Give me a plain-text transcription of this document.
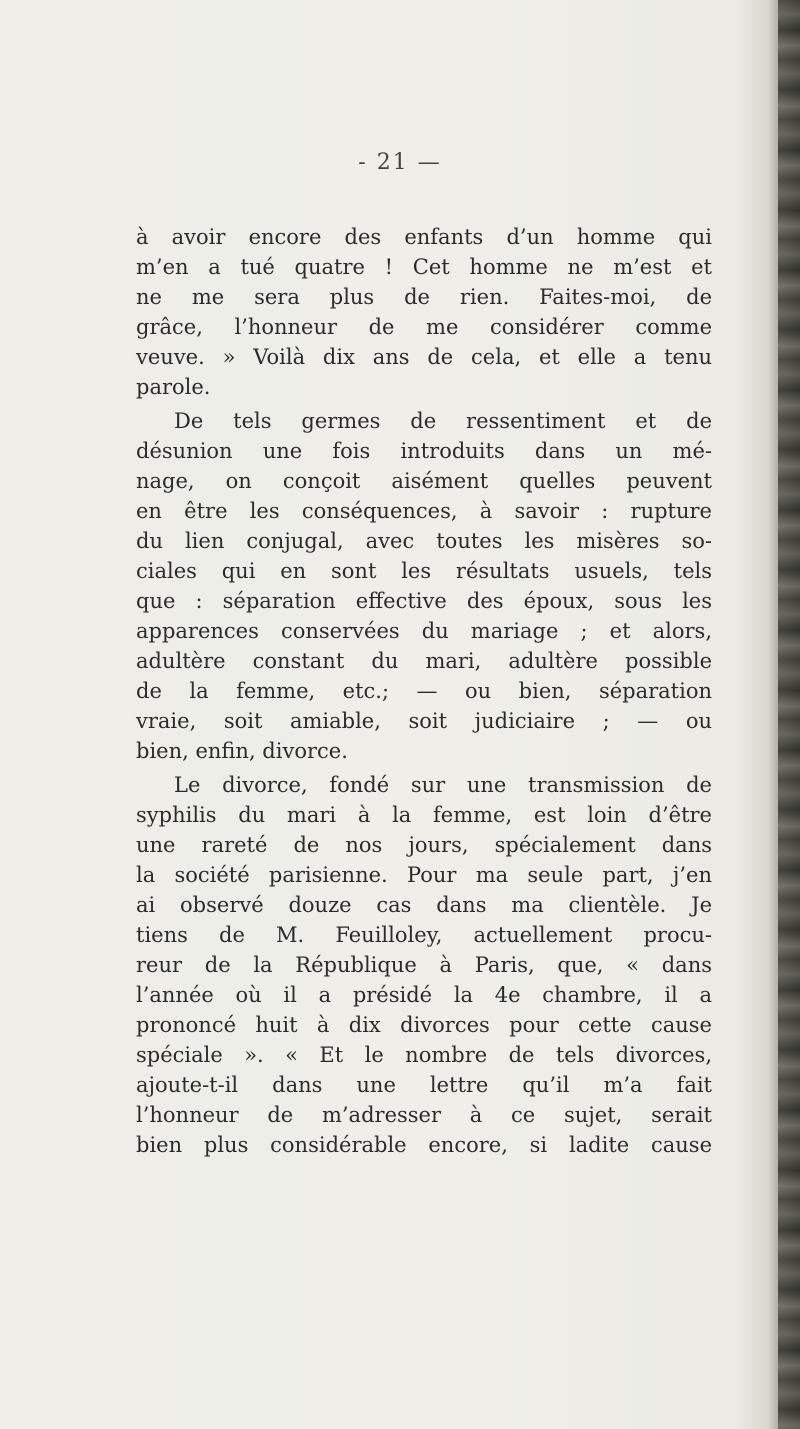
- 21 —
à avoir encore des enfants d’un homme qui
m’en a tué quatre ! Cet homme ne m’est et
ne me sera plus de rien. Faites-moi, de
grâce, l’honneur de me considérer comme
veuve. » Voilà dix ans de cela, et elle a tenu
parole.
De tels germes de ressentiment et de
désunion une fois introduits dans un mé-
nage, on conçoit aisément quelles peuvent
en être les conséquences, à savoir : rupture
du lien conjugal, avec toutes les misères so-
ciales qui en sont les résultats usuels, tels
que : séparation effective des époux, sous les
apparences conservées du mariage ; et alors,
adultère constant du mari, adultère possible
de la femme, etc.; — ou bien, séparation
vraie, soit amiable, soit judiciaire ; — ou
bien, enfin, divorce.
Le divorce, fondé sur une transmission de
syphilis du mari à la femme, est loin d’être
une rareté de nos jours, spécialement dans
la société parisienne. Pour ma seule part, j’en
ai observé douze cas dans ma clientèle. Je
tiens de M. Feuilloley, actuellement procu-
reur de la République à Paris, que, « dans
l’année où il a présidé la 4e chambre, il a
prononcé huit à dix divorces pour cette cause
spéciale ». « Et le nombre de tels divorces,
ajoute-t-il dans une lettre qu’il m’a fait
l’honneur de m’adresser à ce sujet, serait
bien plus considérable encore, si ladite cause
